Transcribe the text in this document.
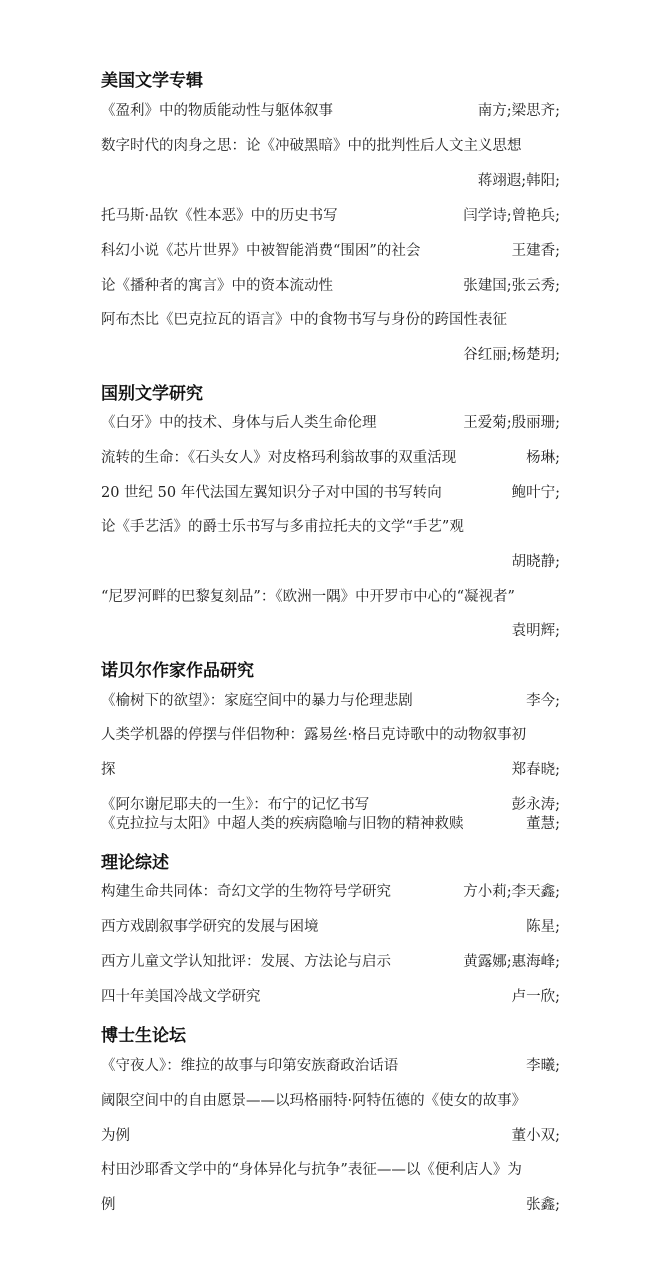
美国文学专辑
《盈利》中的物质能动性与躯体叙事	南方;梁思齐;
数字时代的肉身之思：论《冲破黑暗》中的批判性后人文主义思想
蒋翊遐;韩阳;
托马斯·品钦《性本恶》中的历史书写	闫学诗;曾艳兵;
科幻小说《芯片世界》中被智能消费“围困”的社会	王建香;
论《播种者的寓言》中的资本流动性	张建国;张云秀;
阿布杰比《巴克拉瓦的语言》中的食物书写与身份的跨国性表征
谷红丽;杨楚玥;
国别文学研究
《白牙》中的技术、身体与后人类生命伦理	王爱菊;殷丽珊;
流转的生命：《石头女人》对皮格玛利翁故事的双重活现	杨琳;
20 世纪 50 年代法国左翼知识分子对中国的书写转向	鲍叶宁;
论《手艺活》的爵士乐书写与多甫拉托夫的文学“手艺”观
胡晓静;
“尼罗河畔的巴黎复刻品”：《欧洲一隅》中开罗市中心的“凝视者”
袁明辉;
诺贝尔作家作品研究
《榆树下的欲望》：家庭空间中的暴力与伦理悲剧	李今;
人类学机器的停摆与伴侣物种：露易丝·格吕克诗歌中的动物叙事初
探	郑春晓;
《阿尔谢尼耶夫的一生》：布宁的记忆书写	彭永涛;
《克拉拉与太阳》中超人类的疾病隐喻与旧物的精神救赎	董慧;
理论综述
构建生命共同体：奇幻文学的生物符号学研究	方小莉;李天鑫;
西方戏剧叙事学研究的发展与困境	陈星;
西方儿童文学认知批评：发展、方法论与启示	黄露娜;惠海峰;
四十年美国冷战文学研究	卢一欣;
博士生论坛
《守夜人》：维拉的故事与印第安族裔政治话语	李曦;
阈限空间中的自由愿景——以玛格丽特·阿特伍德的《使女的故事》
为例	董小双;
村田沙耶香文学中的“身体异化与抗争”表征——以《便利店人》为
例	张鑫;
